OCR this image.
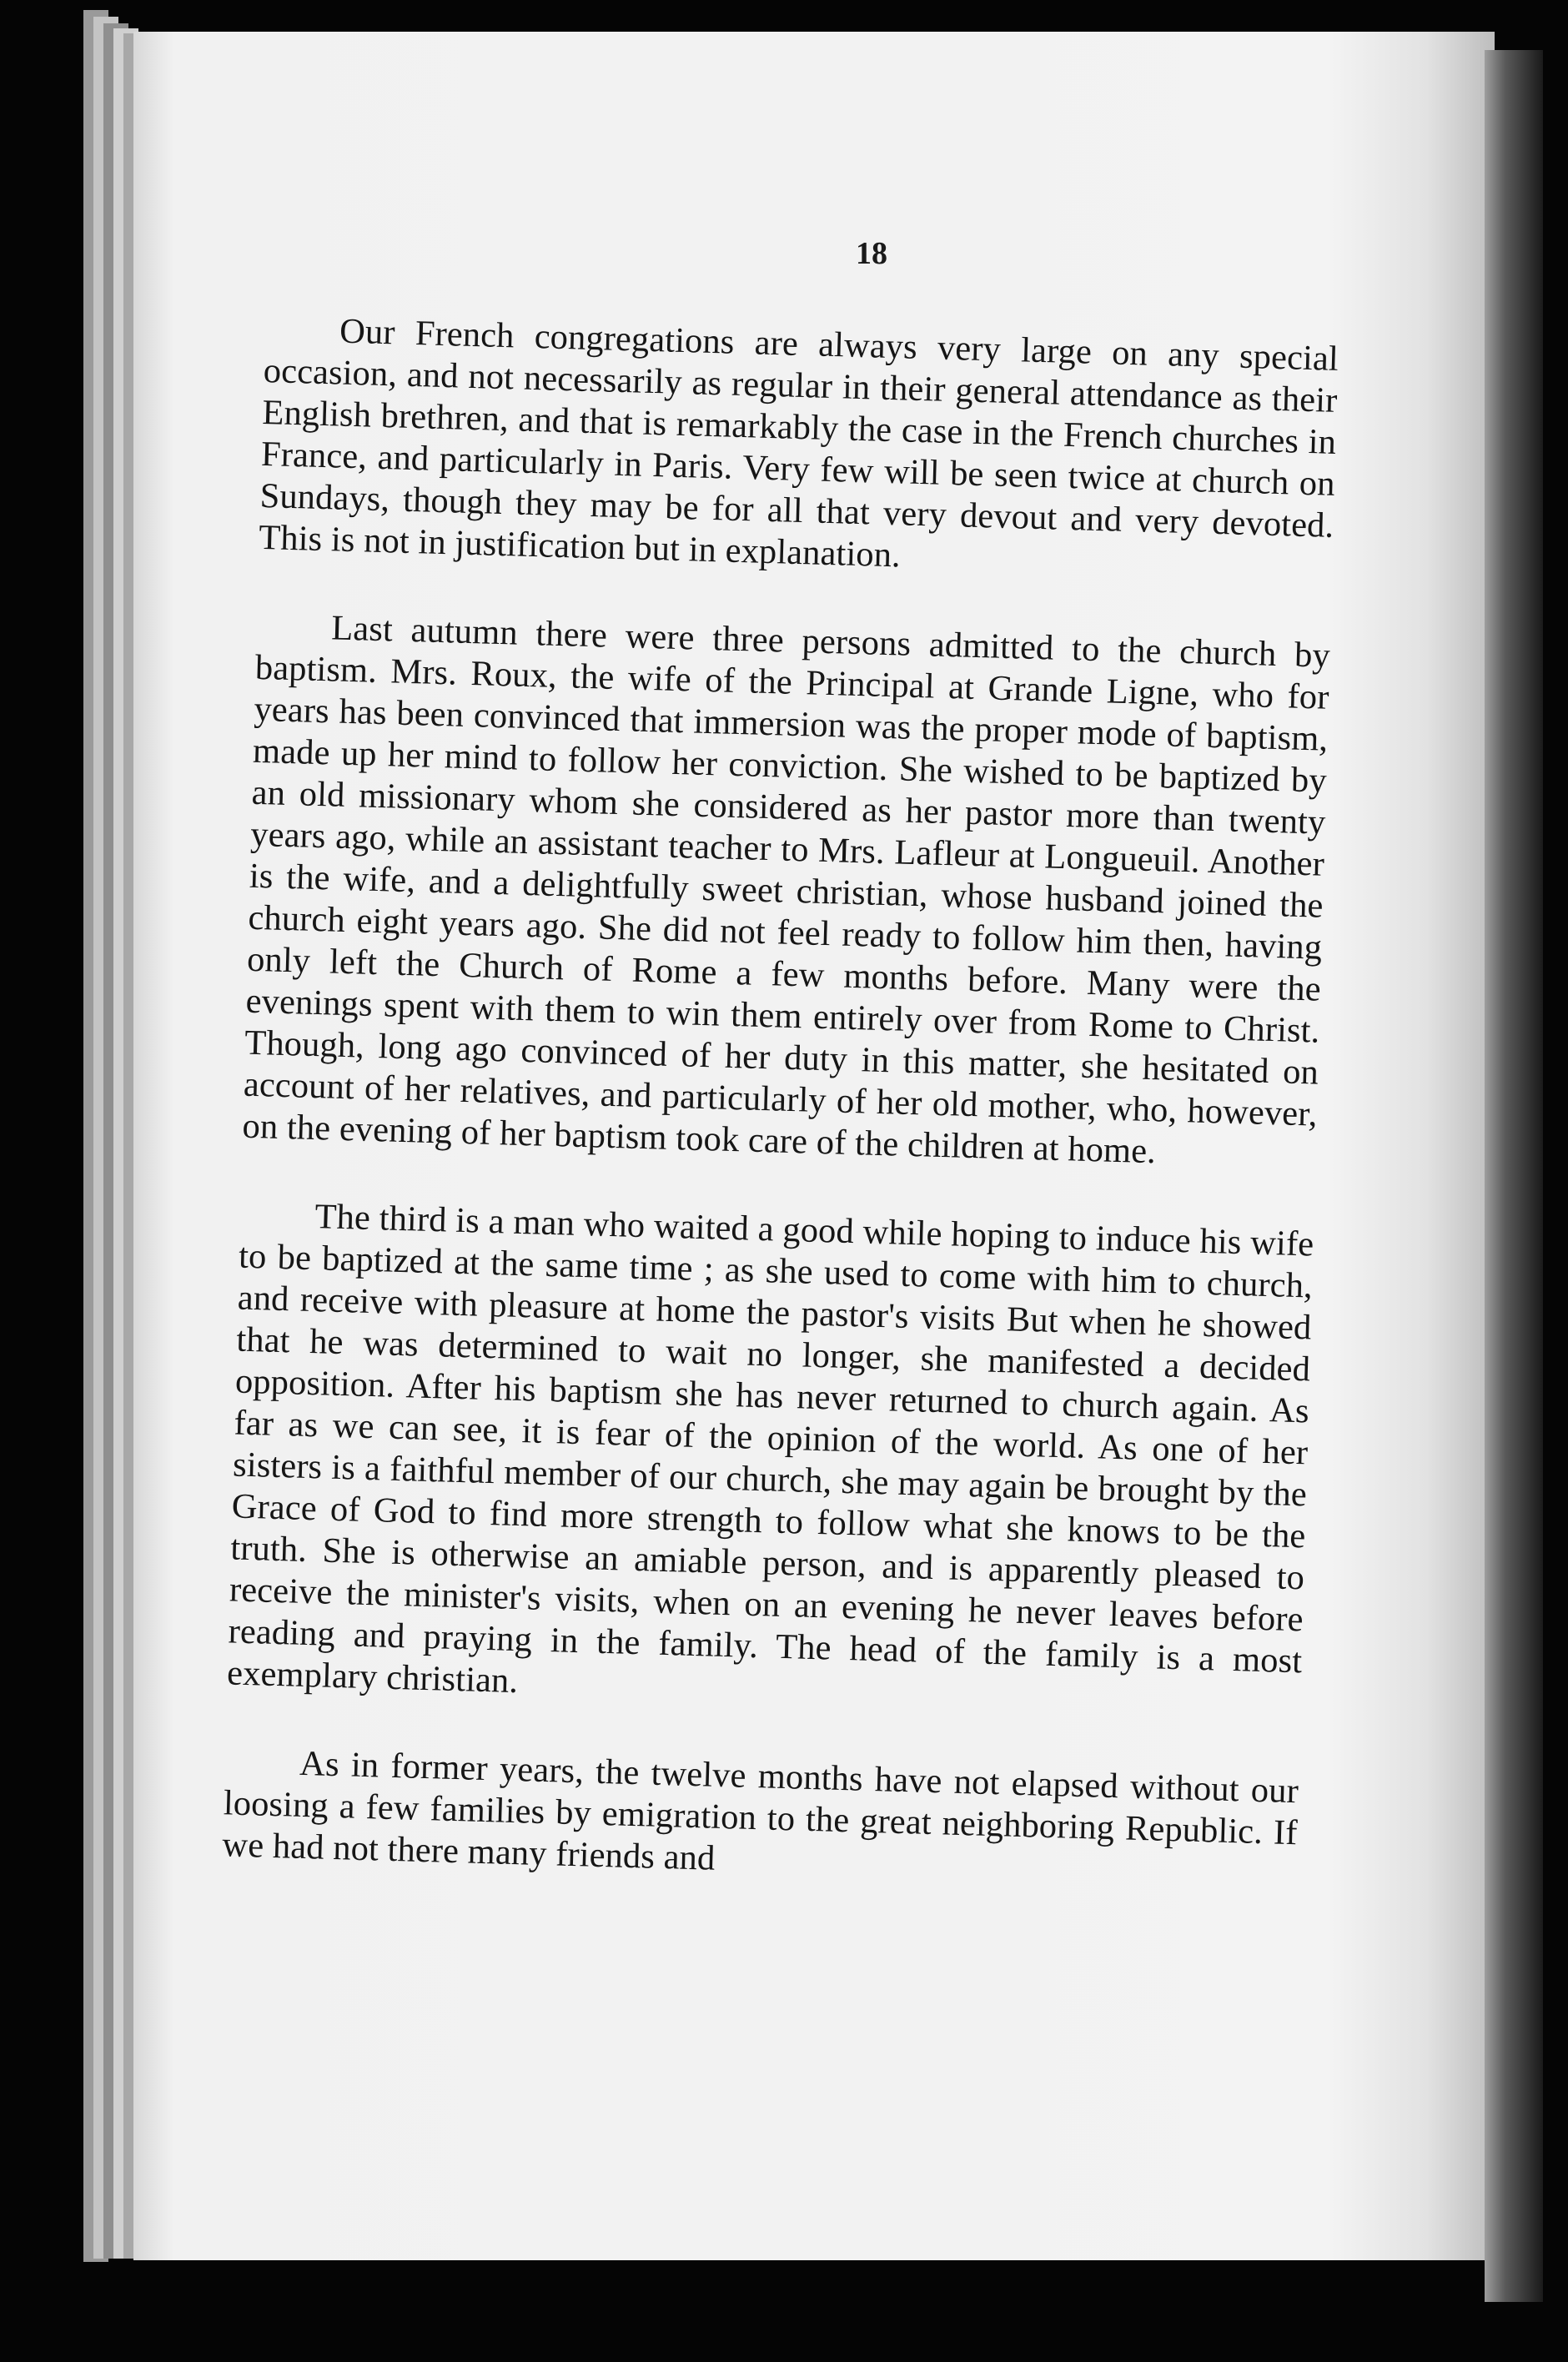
18

Our French congregations are always very large on any special occasion, and not necessarily as regular in their general attendance as their English brethren, and that is remarkably the case in the French churches in France, and particularly in Paris. Very few will be seen twice at church on Sundays, though they may be for all that very devout and very devoted. This is not in justification but in explanation.

Last autumn there were three persons admitted to the church by baptism. Mrs. Roux, the wife of the Principal at Grande Ligne, who for years has been convinced that immersion was the proper mode of baptism, made up her mind to follow her conviction. She wished to be baptized by an old missionary whom she considered as her pastor more than twenty years ago, while an assistant teacher to Mrs. Lafleur at Longueuil. Another is the wife, and a delightfully sweet christian, whose husband joined the church eight years ago. She did not feel ready to follow him then, having only left the Church of Rome a few months before. Many were the evenings spent with them to win them entirely over from Rome to Christ. Though, long ago convinced of her duty in this matter, she hesitated on account of her relatives, and particularly of her old mother, who, however, on the evening of her baptism took care of the children at home.

The third is a man who waited a good while hoping to induce his wife to be baptized at the same time ; as she used to come with him to church, and receive with pleasure at home the pastor's visits But when he showed that he was determined to wait no longer, she manifested a decided opposition. After his baptism she has never returned to church again. As far as we can see, it is fear of the opinion of the world. As one of her sisters is a faithful member of our church, she may again be brought by the Grace of God to find more strength to follow what she knows to be the truth. She is otherwise an amiable person, and is apparently pleased to receive the minister's visits, when on an evening he never leaves before reading and praying in the family. The head of the family is a most exemplary christian.

As in former years, the twelve months have not elapsed without our loosing a few families by emigration to the great neighboring Republic. If we had not there many friends and
